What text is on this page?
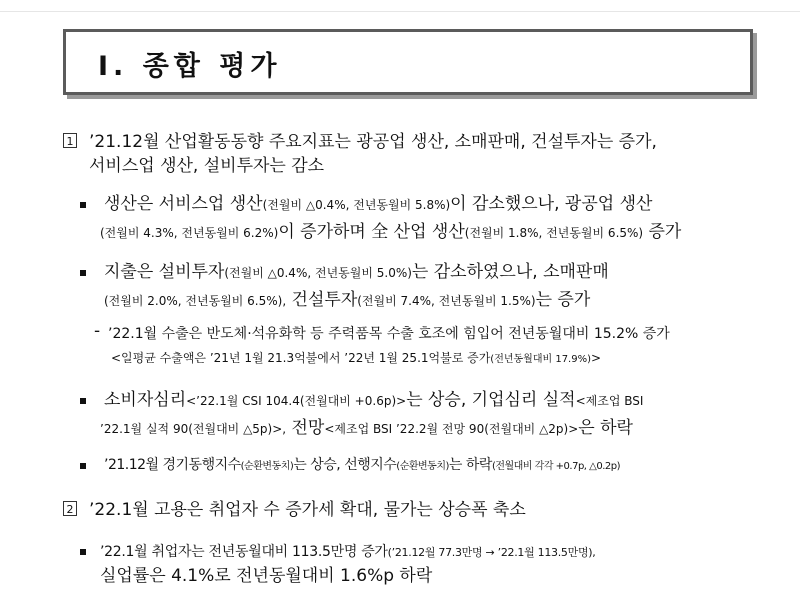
Ⅰ. 종합 평가
1 ’21.12월 산업활동동향 주요지표는 광공업 생산, 소매판매, 건설투자는 증가,
서비스업 생산, 설비투자는 감소
생산은 서비스업 생산(전월비 △0.4%, 전년동월비 5.8%)이 감소했으나, 광공업 생산
(전월비 4.3%, 전년동월비 6.2%)이 증가하며 全 산업 생산(전월비 1.8%, 전년동월비 6.5%) 증가
지출은 설비투자(전월비 △0.4%, 전년동월비 5.0%)는 감소하였으나, 소매판매
(전월비 2.0%, 전년동월비 6.5%), 건설투자(전월비 7.4%, 전년동월비 1.5%)는 증가
- ’22.1월 수출은 반도체·석유화학 등 주력품목 수출 호조에 힘입어 전년동월대비 15.2% 증가
<일평균 수출액은 ’21년 1월 21.3억불에서 ’22년 1월 25.1억불로 증가(전년동월대비 17.9%)>
소비자심리<’22.1월 CSI 104.4(전월대비 +0.6p)>는 상승, 기업심리 실적<제조업 BSI
’22.1월 실적 90(전월대비 △5p)>, 전망<제조업 BSI ’22.2월 전망 90(전월대비 △2p)>은 하락
’21.12월 경기동행지수(순환변동치)는 상승, 선행지수(순환변동치)는 하락(전월대비 각각 +0.7p, △0.2p)
2 ’22.1월 고용은 취업자 수 증가세 확대, 물가는 상승폭 축소
’22.1월 취업자는 전년동월대비 113.5만명 증가(’21.12월 77.3만명 → ’22.1월 113.5만명),
실업률은 4.1%로 전년동월대비 1.6%p 하락
